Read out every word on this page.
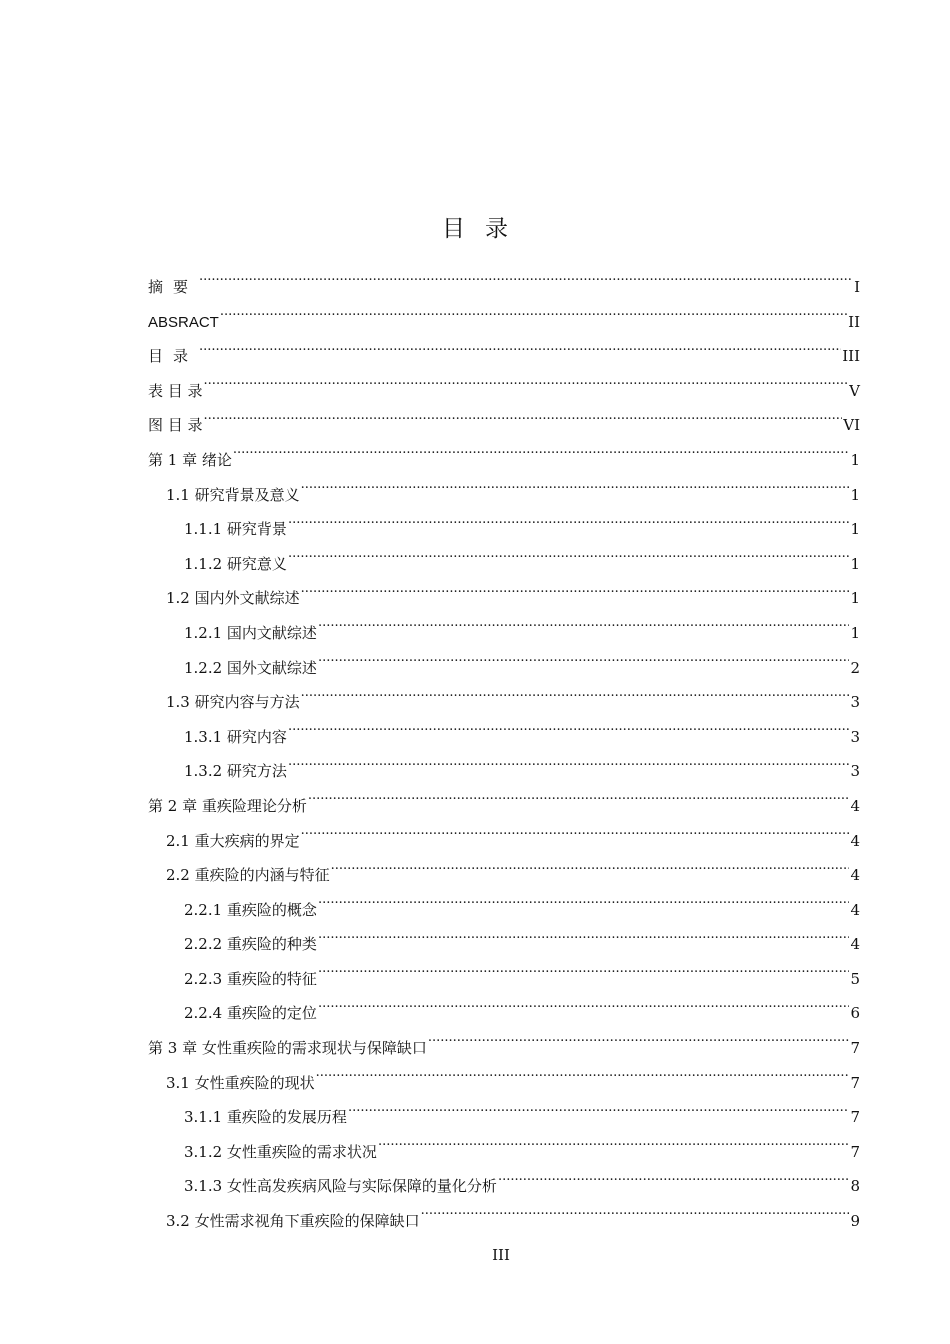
目录
摘要 .....	I
ABSRACT .....	II
目录 .....	III
表 目 录 .....	V
图 目 录 .....	VI
第 1 章 绪论 .....	1
1.1 研究背景及意义 .....	1
1.1.1 研究背景 .....	1
1.1.2 研究意义 .....	1
1.2 国内外文献综述 .....	1
1.2.1 国内文献综述 .....	1
1.2.2 国外文献综述 .....	2
1.3 研究内容与方法 .....	3
1.3.1 研究内容 .....	3
1.3.2 研究方法 .....	3
第 2 章 重疾险理论分析 .....	4
2.1 重大疾病的界定 .....	4
2.2 重疾险的内涵与特征 .....	4
2.2.1 重疾险的概念 .....	4
2.2.2 重疾险的种类 .....	4
2.2.3 重疾险的特征 .....	5
2.2.4 重疾险的定位 .....	6
第 3 章 女性重疾险的需求现状与保障缺口 .....	7
3.1 女性重疾险的现状 .....	7
3.1.1 重疾险的发展历程 .....	7
3.1.2 女性重疾险的需求状况 .....	7
3.1.3 女性高发疾病风险与实际保障的量化分析 .....	8
3.2 女性需求视角下重疾险的保障缺口 .....	9
III
